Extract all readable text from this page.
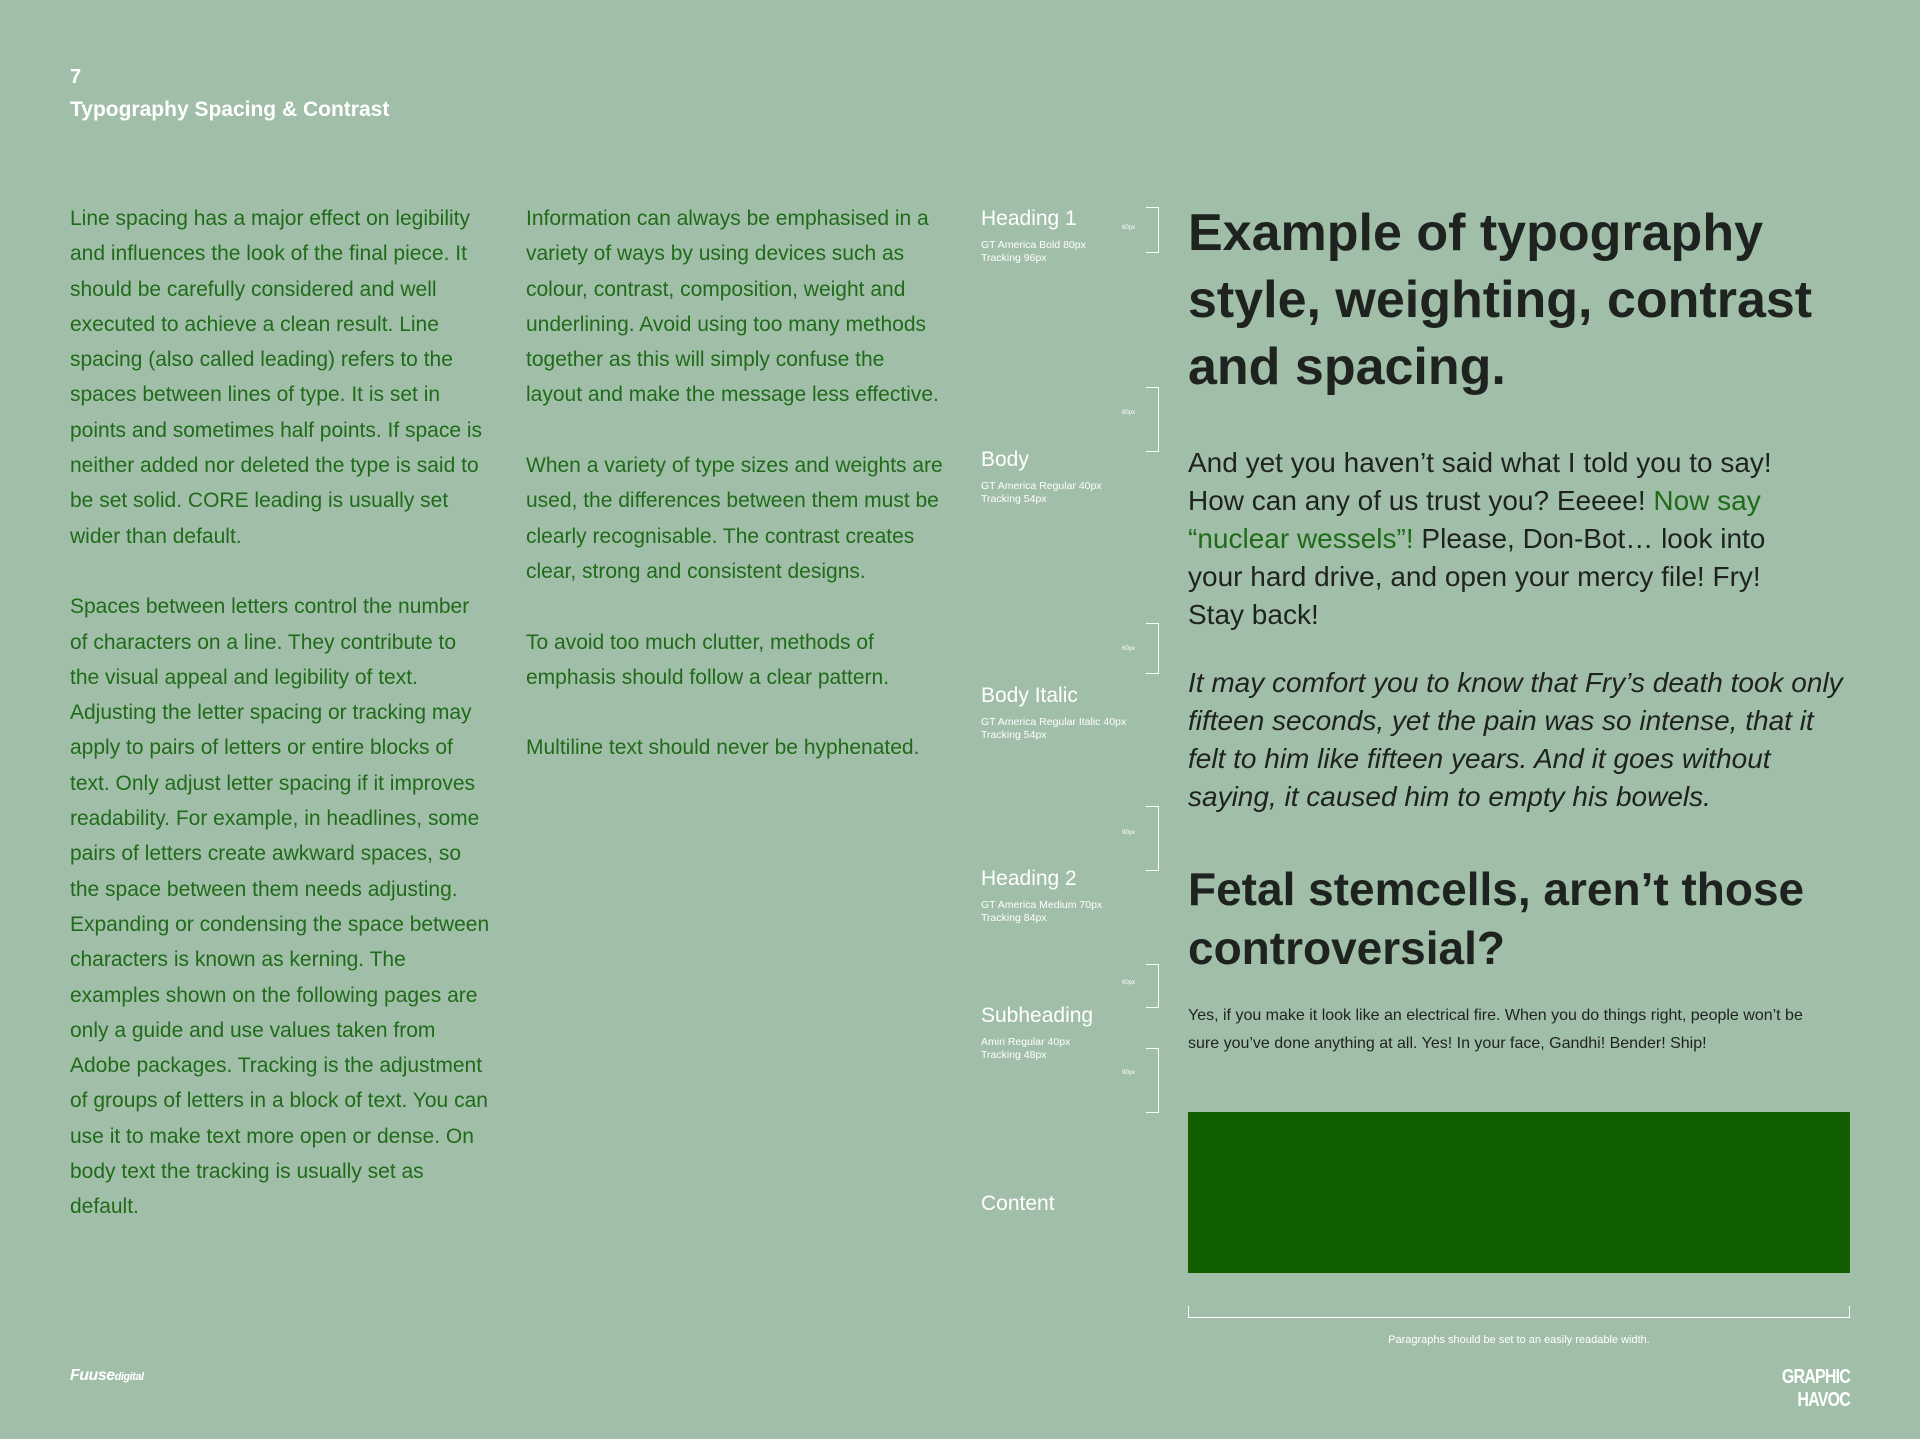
7
Typography Spacing & Contrast

Line spacing has a major effect on legibility and influences the look of the final piece. It should be carefully considered and well executed to achieve a clean result. Line spacing (also called leading) refers to the spaces between lines of type. It is set in points and sometimes half points. If space is neither added nor deleted the type is said to be set solid. CORE leading is usually set wider than default.

Spaces between letters control the number of characters on a line. They contribute to the visual appeal and legibility of text. Adjusting the letter spacing or tracking may apply to pairs of letters or entire blocks of text. Only adjust letter spacing if it improves readability. For example, in headlines, some pairs of letters create awkward spaces, so the space between them needs adjusting. Expanding or condensing the space between characters is known as kerning. The examples shown on the following pages are only a guide and use values taken from Adobe packages. Tracking is the adjustment of groups of letters in a block of text. You can use it to make text more open or dense. On body text the tracking is usually set as default.

Information can always be emphasised in a variety of ways by using devices such as colour, contrast, composition, weight and underlining. Avoid using too many methods together as this will simply confuse the layout and make the message less effective.

When a variety of type sizes and weights are used, the differences between them must be clearly recognisable. The contrast creates clear, strong and consistent designs.

To avoid too much clutter, methods of emphasis should follow a clear pattern.

Multiline text should never be hyphenated.

Heading 1
GT America Bold 80px
Tracking 96px
Body
GT America Regular 40px
Tracking 54px
Body Italic
GT America Regular Italic 40px
Tracking 54px
Heading 2
GT America Medium 70px
Tracking 84px
Subheading
Amiri Regular 40px
Tracking 48px
Content
60px
90px
60px
90px
60px
90px
Example of typography style, weighting, contrast and spacing.

And yet you haven’t said what I told you to say! How can any of us trust you? Eeeee! Now say “nuclear wessels”! Please, Don-Bot… look into your hard drive, and open your mercy file! Fry! Stay back!

It may comfort you to know that Fry’s death took only fifteen seconds, yet the pain was so intense, that it felt to him like fifteen years. And it goes without saying, it caused him to empty his bowels.

Fetal stemcells, aren’t those controversial?

Yes, if you make it look like an electrical fire. When you do things right, people won’t be sure you’ve done anything at all. Yes! In your face, Gandhi! Bender! Ship!

Paragraphs should be set to an easily readable width.
Fuusedigital	GRAPHIC HAVOC
